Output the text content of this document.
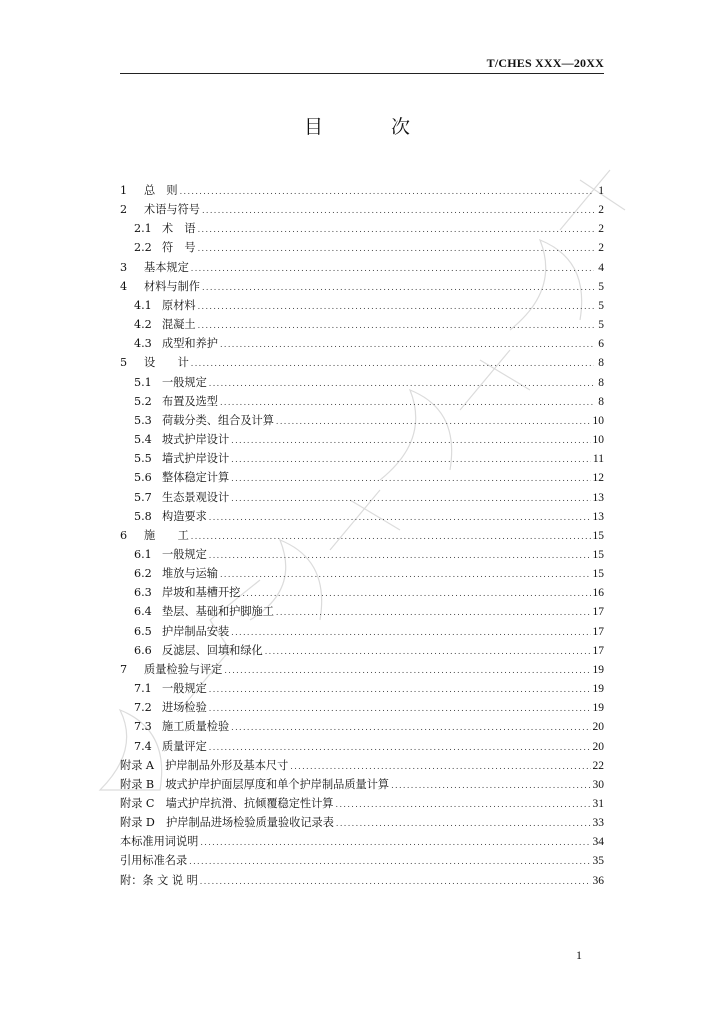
T/CHES XXX—20XX
目　　次
1	总　则 .....	1
2	术语与符号 .....	2
2.1 术　语 .....	2
2.2 符　号 .....	2
3	基本规定 .....	4
4	材料与制作 .....	5
4.1 原材料 .....	5
4.2 混凝土 .....	5
4.3 成型和养护 .....	6
5	设　　计 .....	8
5.1 一般规定 .....	8
5.2 布置及选型 .....	8
5.3 荷载分类、组合及计算 .....	10
5.4 坡式护岸设计 .....	10
5.5 墙式护岸设计 .....	11
5.6 整体稳定计算 .....	12
5.7 生态景观设计 .....	13
5.8 构造要求 .....	13
6	施　　工 .....	15
6.1 一般规定 .....	15
6.2 堆放与运输 .....	15
6.3 岸坡和基槽开挖 .....	16
6.4 垫层、基础和护脚施工 .....	17
6.5 护岸制品安装 .....	17
6.6 反滤层、回填和绿化 .....	17
7	质量检验与评定 .....	19
7.1 一般规定 .....	19
7.2 进场检验 .....	19
7.3 施工质量检验 .....	20
7.4 质量评定 .....	20
附录 A　护岸制品外形及基本尺寸 .....	22
附录 B　坡式护岸护面层厚度和单个护岸制品质量计算 .....	30
附录 C　墙式护岸抗滑、抗倾覆稳定性计算 .....	31
附录 D　护岸制品进场检验质量验收记录表 .....	33
本标准用词说明 .....	34
引用标准名录 .....	35
附：条 文 说 明 .....	36
1
